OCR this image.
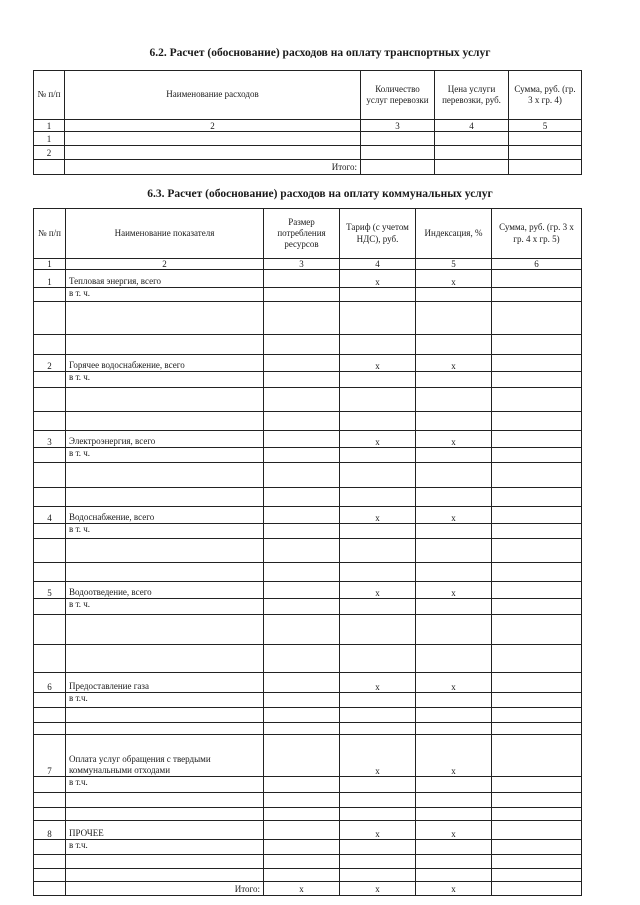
6.2. Расчет (обоснование) расходов на оплату транспортных услуг
№ п/п	Наименование расходов	Количество услуг перевозки	Цена услуги перевозки, руб.	Сумма, руб. (гр. 3 x гр. 4)
1	2	3	4	5
1				
2				
	Итого:			
6.3. Расчет (обоснование) расходов на оплату коммунальных услуг
№ п/п	Наименование показателя	Размер потребления ресурсов	Тариф (с учетом НДС), руб.	Индексация, %	Сумма, руб. (гр. 3 x гр. 4 x гр. 5)
1	2	3	4	5	6
1	Тепловая энергия, всего		x	x	
	в т. ч.				

2	Горячее водоснабжение, всего		x	x	
	в т. ч.				

3	Электроэнергия, всего		x	x	
	в т. ч.				

4	Водоснабжение, всего		x	x	
	в т. ч.				

5	Водоотведение, всего		x	x	
	в т. ч.				

6	Предоставление газа		x	x	
	в т.ч.				

7	Оплата услуг обращения с твердыми коммунальными отходами		x	x	
	в т.ч.				

8	ПРОЧЕЕ		x	x	
	в т.ч.				

	Итого:	x	x	x	
